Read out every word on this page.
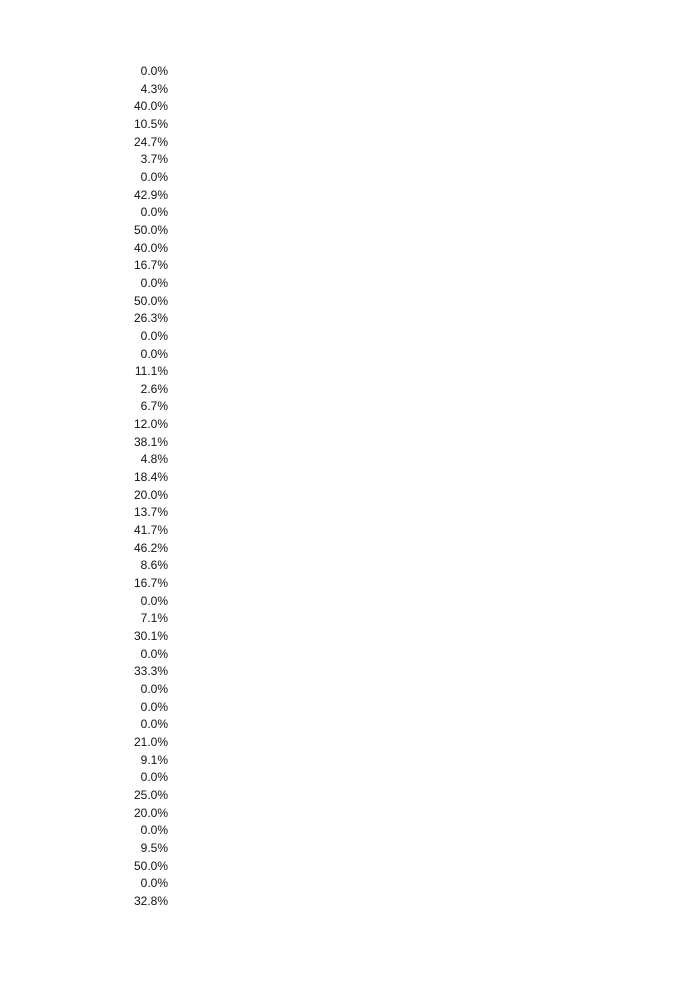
0.0%
4.3%
40.0%
10.5%
24.7%
3.7%
0.0%
42.9%
0.0%
50.0%
40.0%
16.7%
0.0%
50.0%
26.3%
0.0%
0.0%
11.1%
2.6%
6.7%
12.0%
38.1%
4.8%
18.4%
20.0%
13.7%
41.7%
46.2%
8.6%
16.7%
0.0%
7.1%
30.1%
0.0%
33.3%
0.0%
0.0%
0.0%
21.0%
9.1%
0.0%
25.0%
20.0%
0.0%
9.5%
50.0%
0.0%
32.8%
